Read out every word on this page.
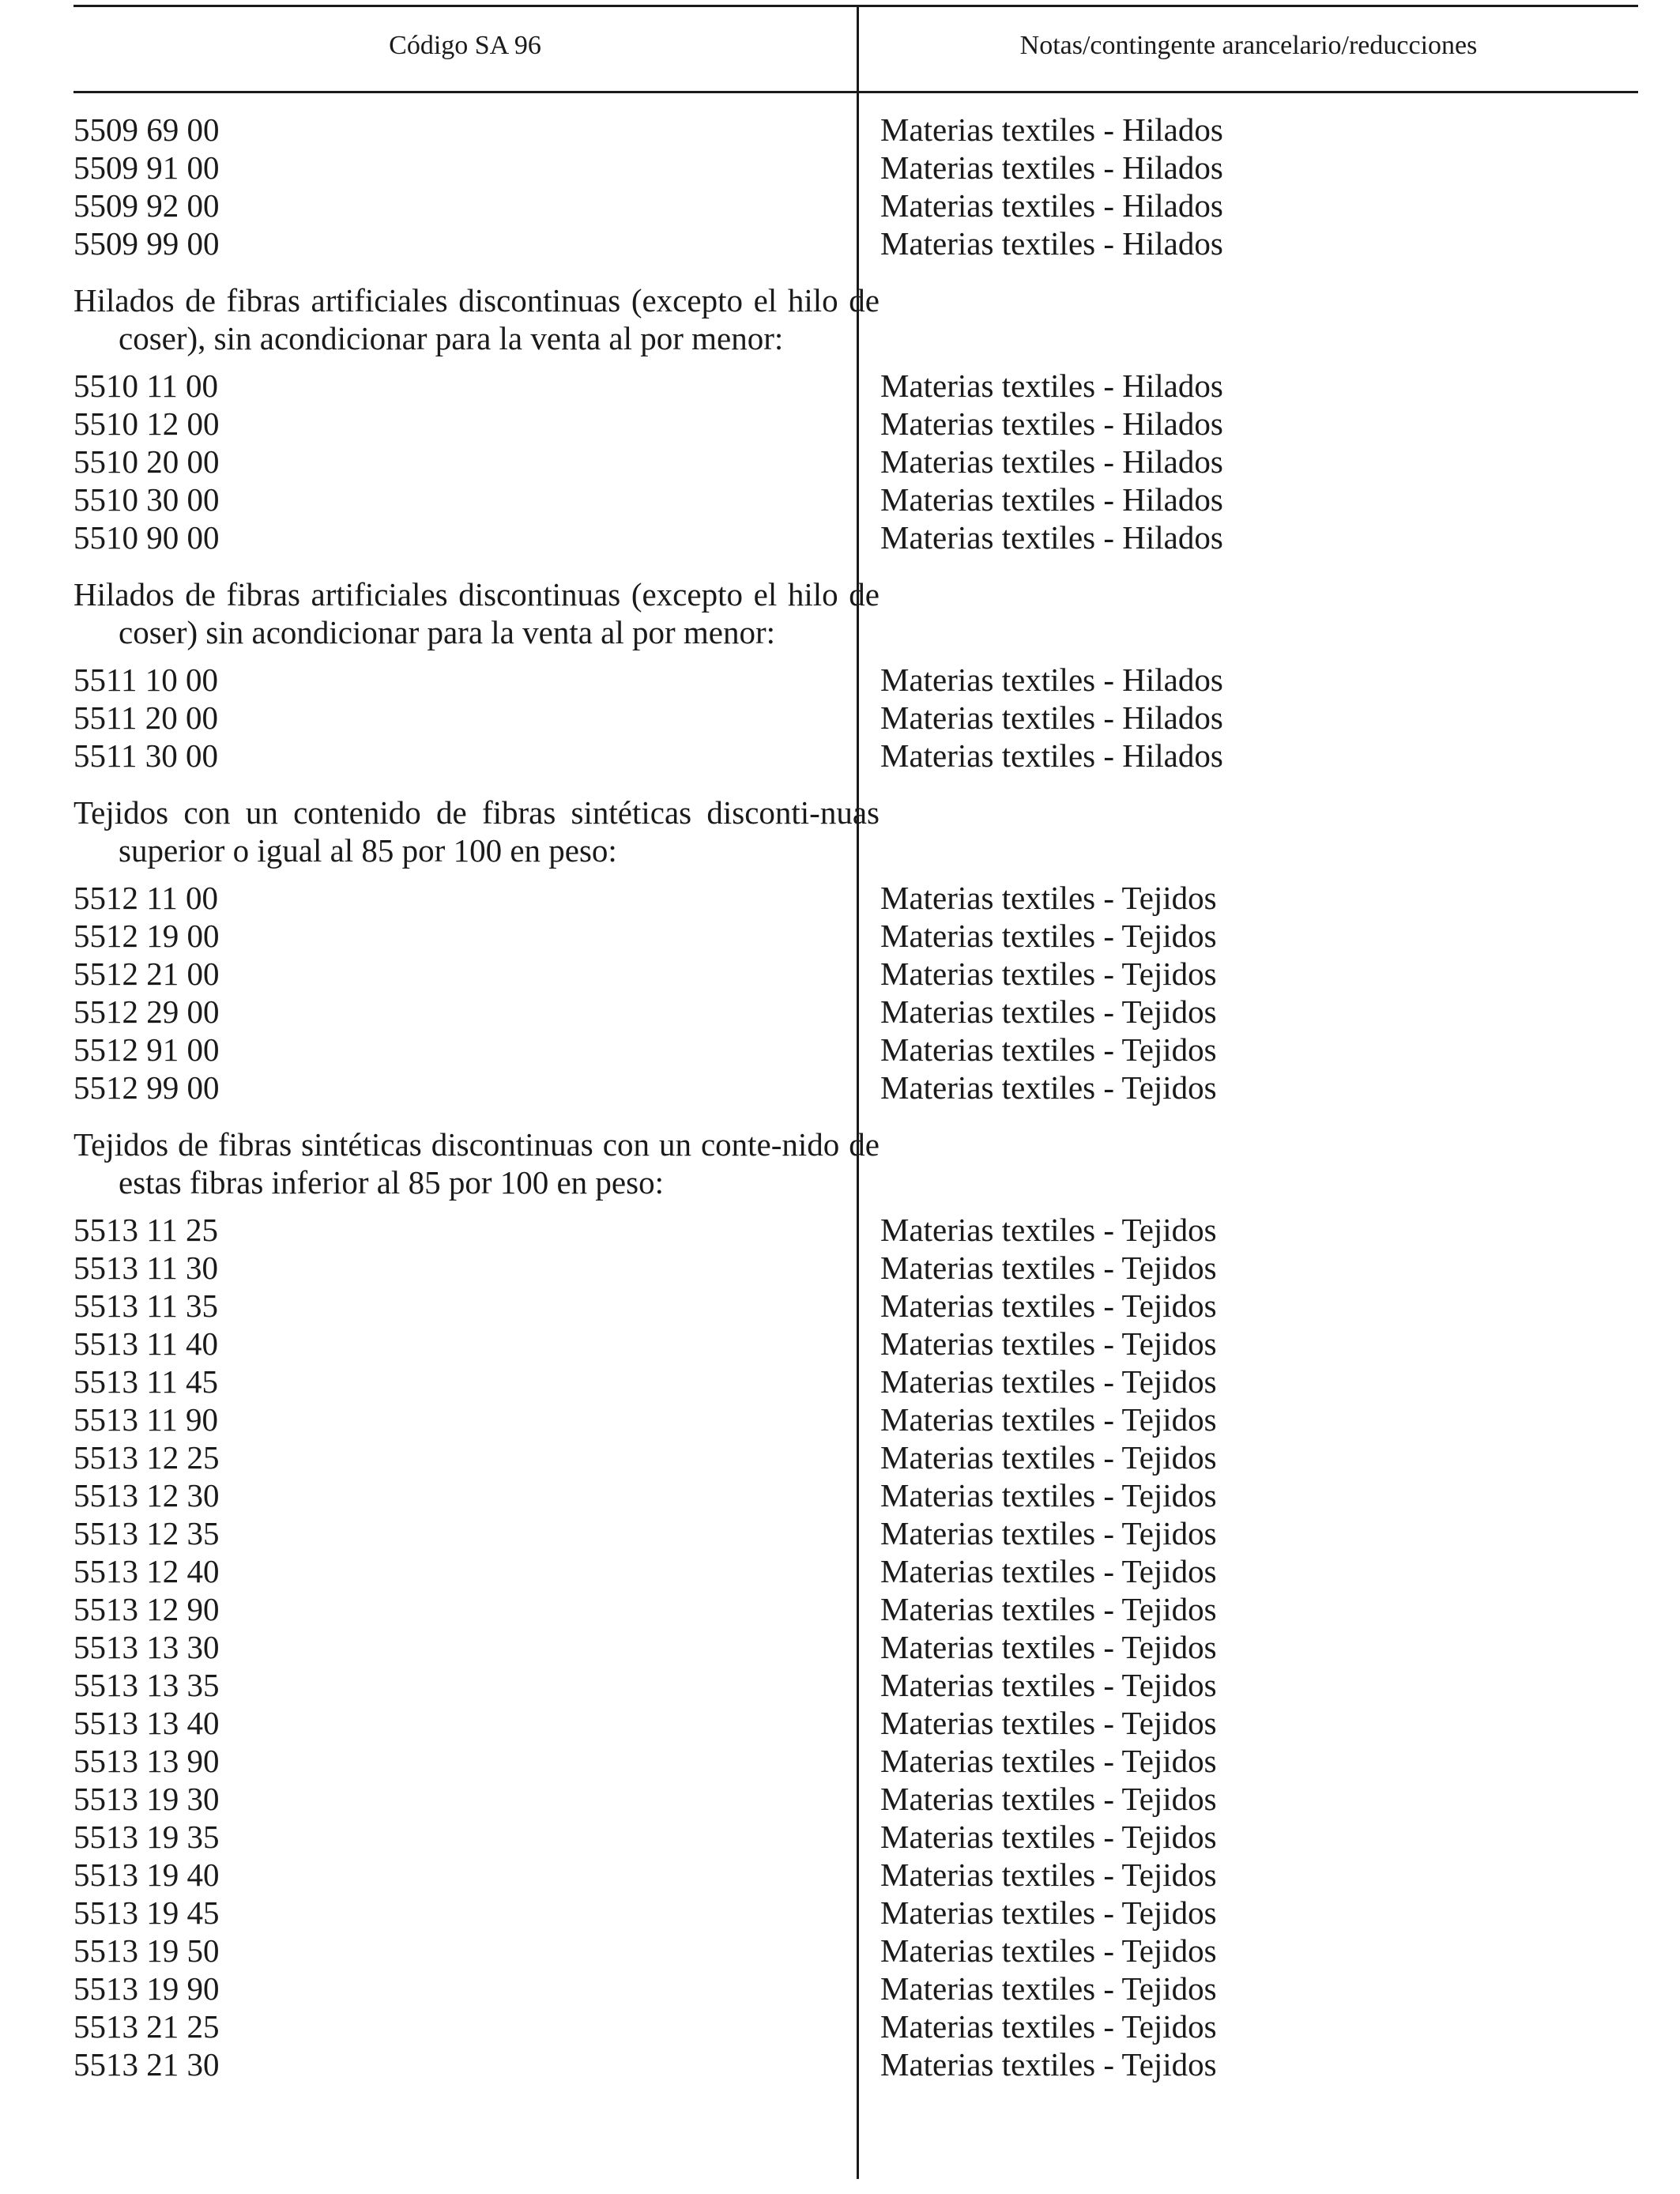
Código SA 96	Notas/contingente arancelario/reducciones
5509 69 00	Materias textiles - Hilados
5509 91 00	Materias textiles - Hilados
5509 92 00	Materias textiles - Hilados
5509 99 00	Materias textiles - Hilados
Hilados de fibras artificiales discontinuas (excepto el hilo de coser), sin acondicionar para la venta al por menor:
5510 11 00	Materias textiles - Hilados
5510 12 00	Materias textiles - Hilados
5510 20 00	Materias textiles - Hilados
5510 30 00	Materias textiles - Hilados
5510 90 00	Materias textiles - Hilados
Hilados de fibras artificiales discontinuas (excepto el hilo de coser) sin acondicionar para la venta al por menor:
5511 10 00	Materias textiles - Hilados
5511 20 00	Materias textiles - Hilados
5511 30 00	Materias textiles - Hilados
Tejidos con un contenido de fibras sintéticas disconti-nuas superior o igual al 85 por 100 en peso:
5512 11 00	Materias textiles - Tejidos
5512 19 00	Materias textiles - Tejidos
5512 21 00	Materias textiles - Tejidos
5512 29 00	Materias textiles - Tejidos
5512 91 00	Materias textiles - Tejidos
5512 99 00	Materias textiles - Tejidos
Tejidos de fibras sintéticas discontinuas con un conte-nido de estas fibras inferior al 85 por 100 en peso:
5513 11 25	Materias textiles - Tejidos
5513 11 30	Materias textiles - Tejidos
5513 11 35	Materias textiles - Tejidos
5513 11 40	Materias textiles - Tejidos
5513 11 45	Materias textiles - Tejidos
5513 11 90	Materias textiles - Tejidos
5513 12 25	Materias textiles - Tejidos
5513 12 30	Materias textiles - Tejidos
5513 12 35	Materias textiles - Tejidos
5513 12 40	Materias textiles - Tejidos
5513 12 90	Materias textiles - Tejidos
5513 13 30	Materias textiles - Tejidos
5513 13 35	Materias textiles - Tejidos
5513 13 40	Materias textiles - Tejidos
5513 13 90	Materias textiles - Tejidos
5513 19 30	Materias textiles - Tejidos
5513 19 35	Materias textiles - Tejidos
5513 19 40	Materias textiles - Tejidos
5513 19 45	Materias textiles - Tejidos
5513 19 50	Materias textiles - Tejidos
5513 19 90	Materias textiles - Tejidos
5513 21 25	Materias textiles - Tejidos
5513 21 30	Materias textiles - Tejidos
